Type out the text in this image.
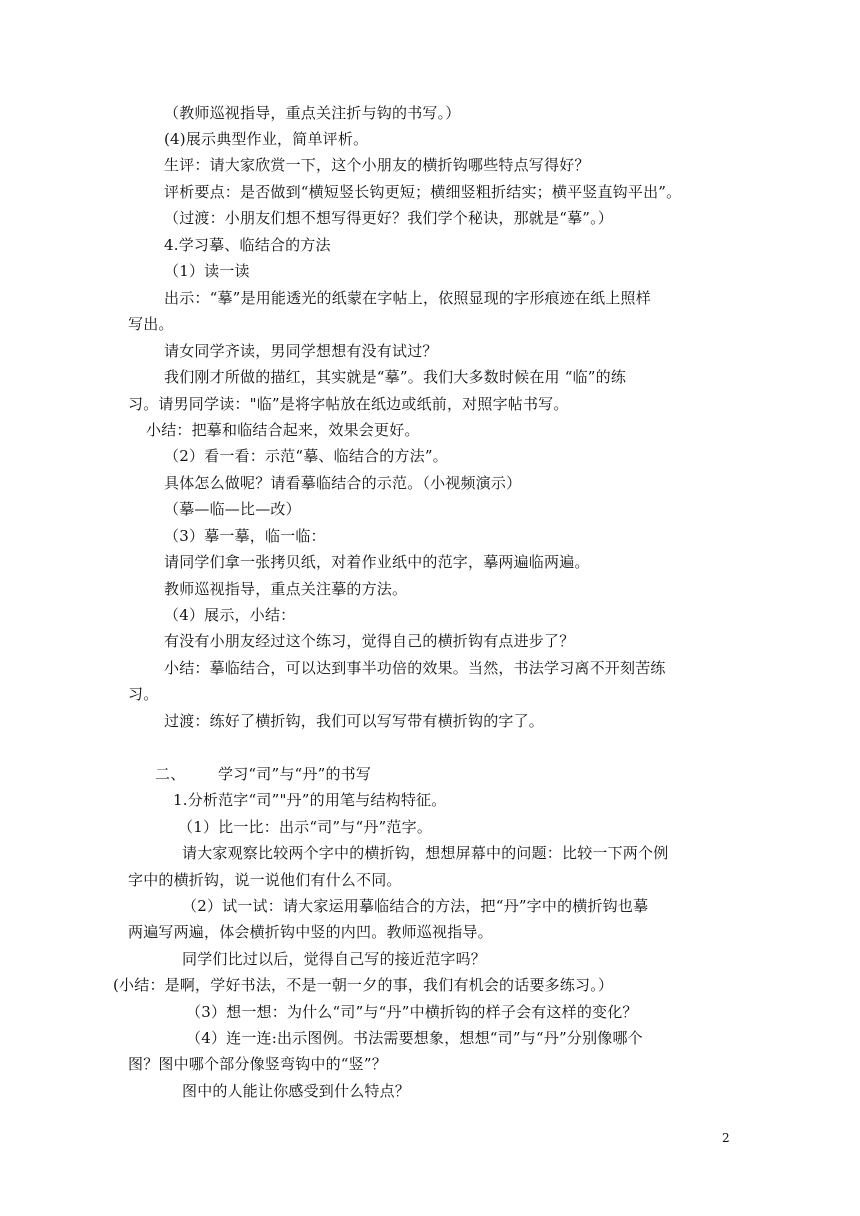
（教师巡视指导，重点关注折与钩的书写。）
(4)展示典型作业，简单评析。
生评：请大家欣赏一下，这个小朋友的横折钩哪些特点写得好？
评析要点：是否做到“横短竖长钩更短；横细竖粗折结实；横平竖直钩平出”。
（过渡：小朋友们想不想写得更好？我们学个秘诀，那就是“摹”。）
4.学习摹、临结合的方法
（1）读一读
出示：“摹”是用能透光的纸蒙在字帖上，依照显现的字形痕迹在纸上照样
写出。
请女同学齐读，男同学想想有没有试过？
我们刚才所做的描红，其实就是“摹”。我们大多数时候在用 “临”的练
习。请男同学读："临”是将字帖放在纸边或纸前，对照字帖书写。
小结：把摹和临结合起来，效果会更好。
（2）看一看：示范“摹、临结合的方法”。
具体怎么做呢？请看摹临结合的示范。（小视频演示）
（摹—临—比—改）
（3）摹一摹，临一临：
请同学们拿一张拷贝纸，对着作业纸中的范字，摹两遍临两遍。
教师巡视指导，重点关注摹的方法。
（4）展示，小结：
有没有小朋友经过这个练习，觉得自己的横折钩有点进步了？
小结：摹临结合，可以达到事半功倍的效果。当然，书法学习离不开刻苦练
习。
过渡：练好了横折钩，我们可以写写带有横折钩的字了。
二、 学习“司”与“丹”的书写
1.分析范字“司”"丹”的用笔与结构特征。
（1）比一比：出示“司”与“丹”范字。
请大家观察比较两个字中的横折钩，想想屏幕中的问题：比较一下两个例
字中的横折钩，说一说他们有什么不同。
（2）试一试：请大家运用摹临结合的方法，把“丹”字中的横折钩也摹
两遍写两遍，体会横折钩中竖的内凹。教师巡视指导。
同学们比过以后，觉得自己写的接近范字吗？
(小结：是啊，学好书法，不是一朝一夕的事，我们有机会的话要多练习。）
（3）想一想：为什么“司”与“丹”中横折钩的样子会有这样的变化？
（4）连一连:出示图例。书法需要想象，想想“司”与“丹”分别像哪个
图？图中哪个部分像竖弯钩中的“竖”？
图中的人能让你感受到什么特点？
2
